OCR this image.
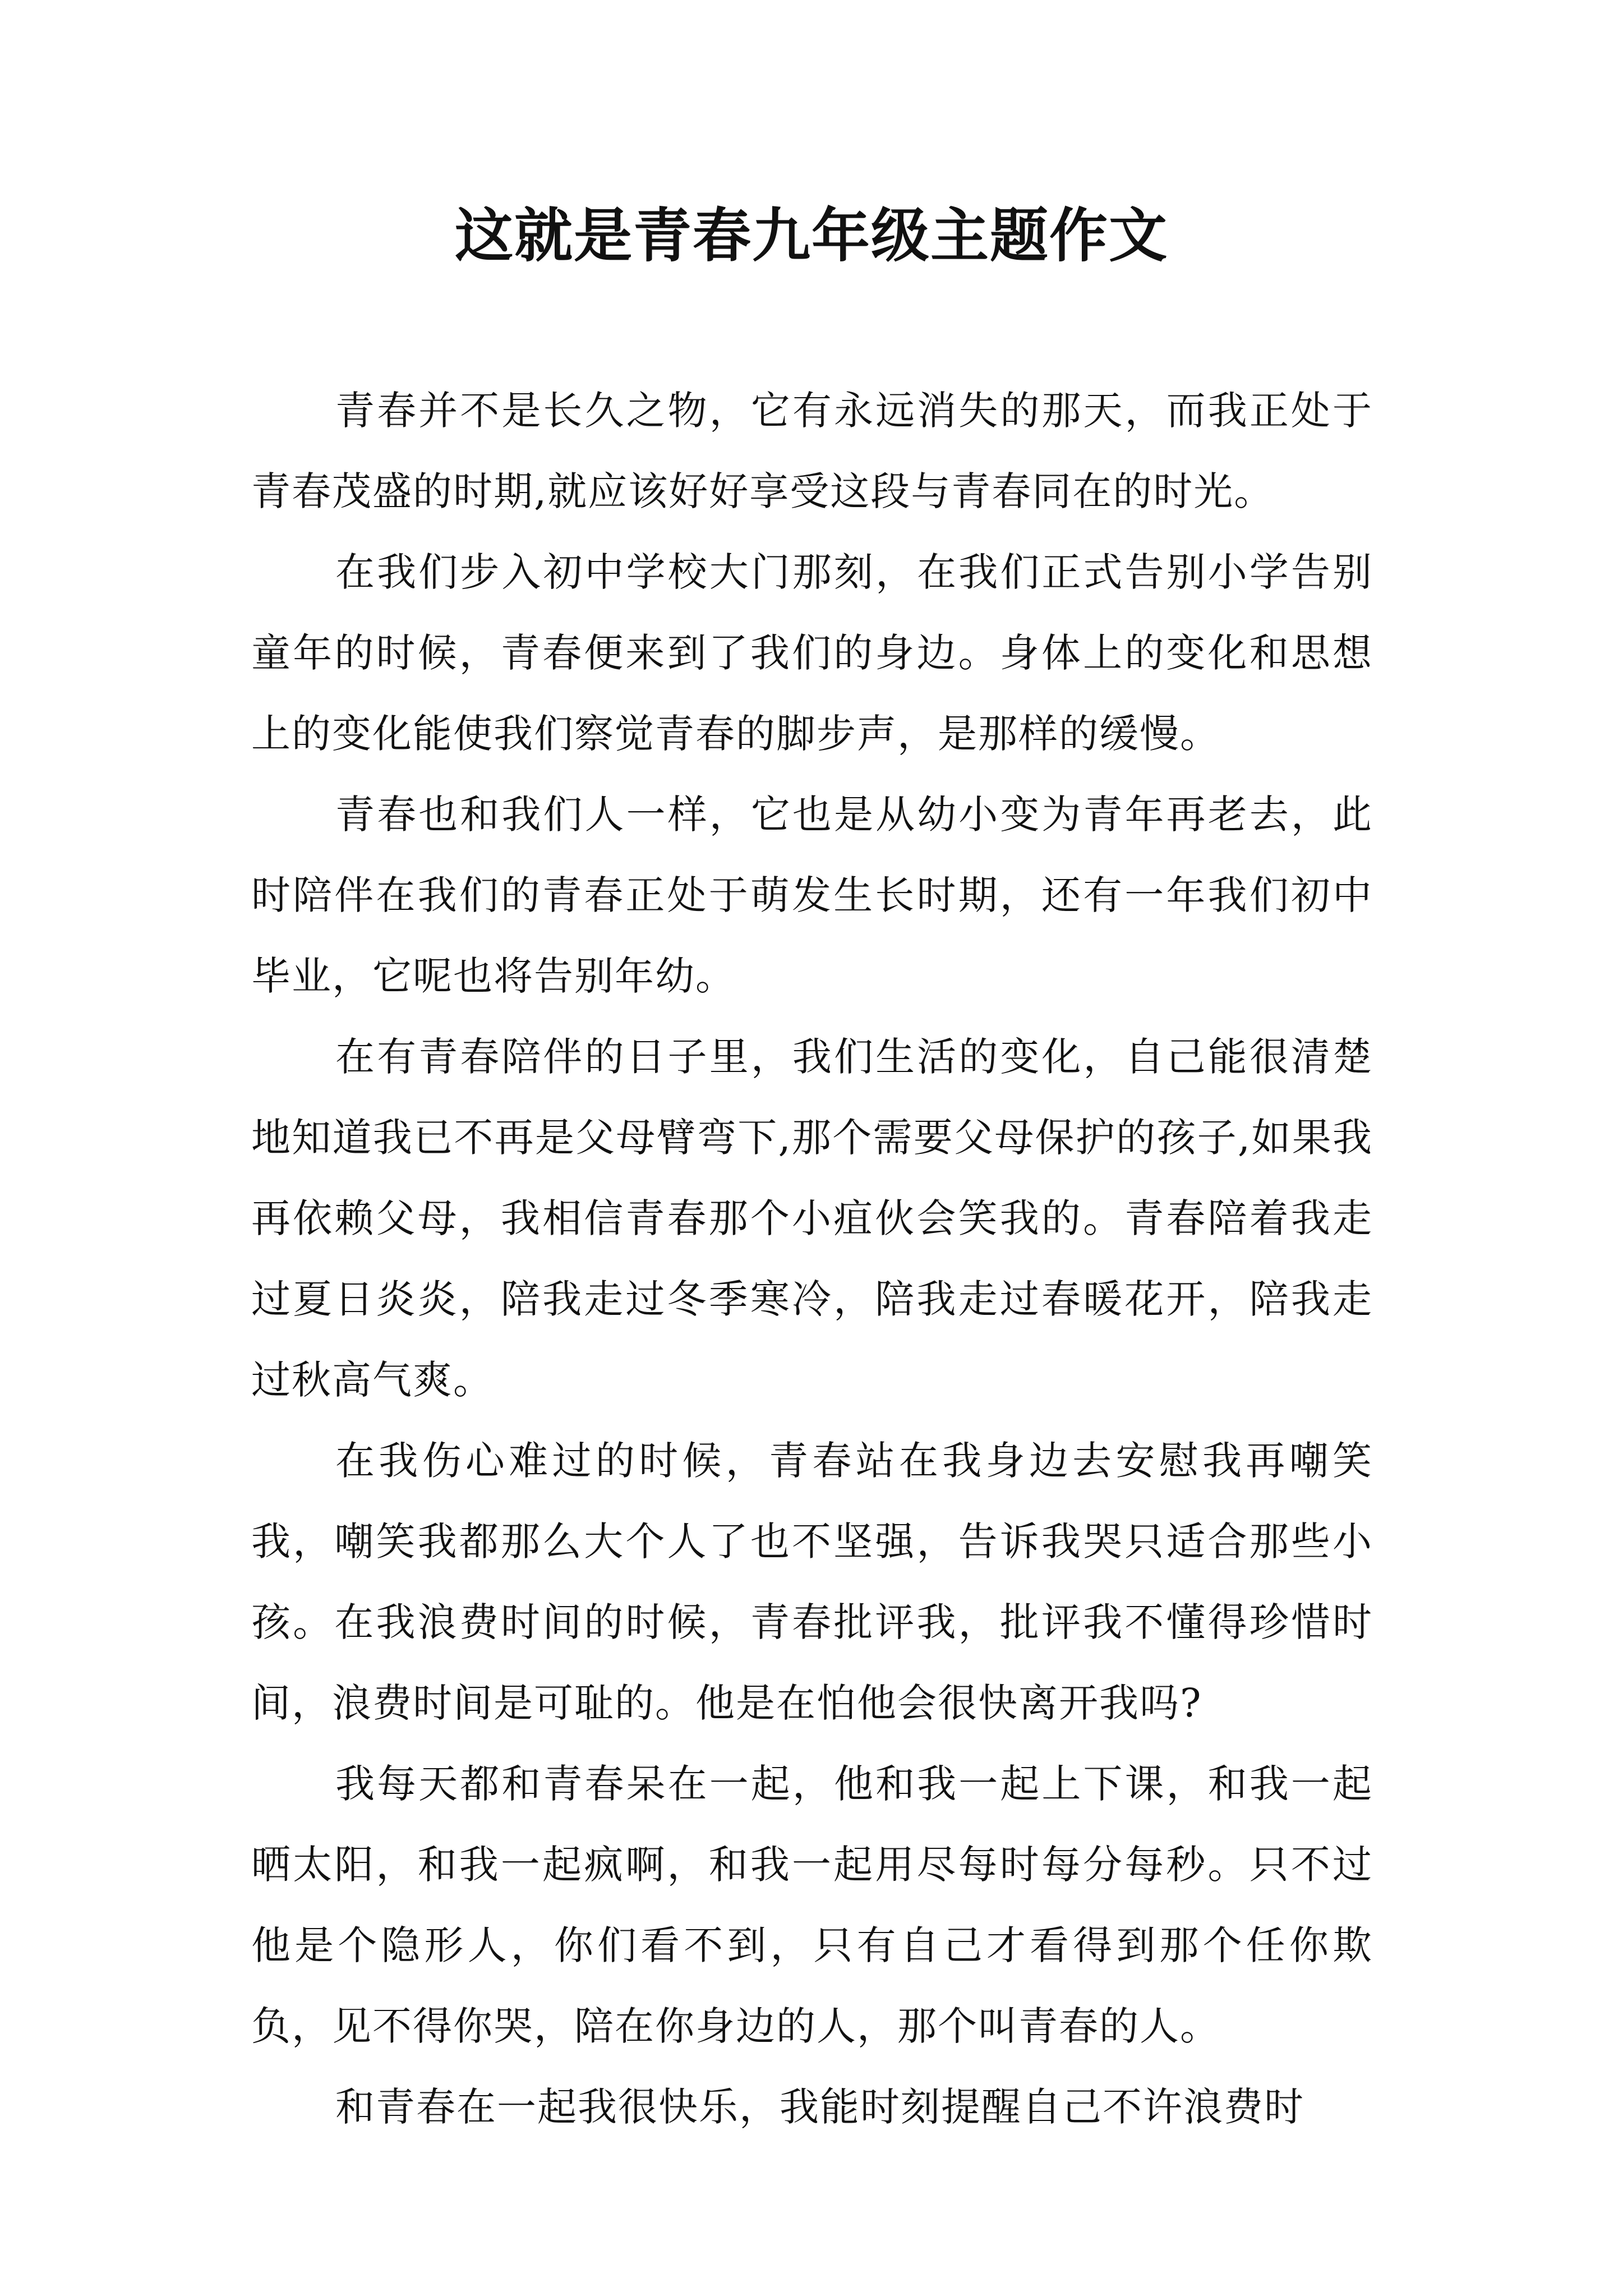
这就是青春九年级主题作文

青春并不是长久之物，它有永远消失的那天，而我正处于青春茂盛的时期,就应该好好享受这段与青春同在的时光。

在我们步入初中学校大门那刻，在我们正式告别小学告别童年的时候，青春便来到了我们的身边。身体上的变化和思想上的变化能使我们察觉青春的脚步声，是那样的缓慢。

青春也和我们人一样，它也是从幼小变为青年再老去，此时陪伴在我们的青春正处于萌发生长时期，还有一年我们初中毕业，它呢也将告别年幼。

在有青春陪伴的日子里，我们生活的变化，自己能很清楚地知道我已不再是父母臂弯下,那个需要父母保护的孩子,如果我再依赖父母，我相信青春那个小疽伙会笑我的。青春陪着我走过夏日炎炎，陪我走过冬季寒冷，陪我走过春暖花开，陪我走过秋高气爽。

在我伤心难过的时候，青春站在我身边去安慰我再嘲笑我，嘲笑我都那么大个人了也不坚强，告诉我哭只适合那些小孩。在我浪费时间的时候，青春批评我，批评我不懂得珍惜时间，浪费时间是可耻的。他是在怕他会很快离开我吗?

我每天都和青春呆在一起，他和我一起上下课，和我一起晒太阳，和我一起疯啊，和我一起用尽每时每分每秒。只不过他是个隐形人，你们看不到，只有自己才看得到那个任你欺负，见不得你哭，陪在你身边的人，那个叫青春的人。

和青春在一起我很快乐，我能时刻提醒自己不许浪费时
